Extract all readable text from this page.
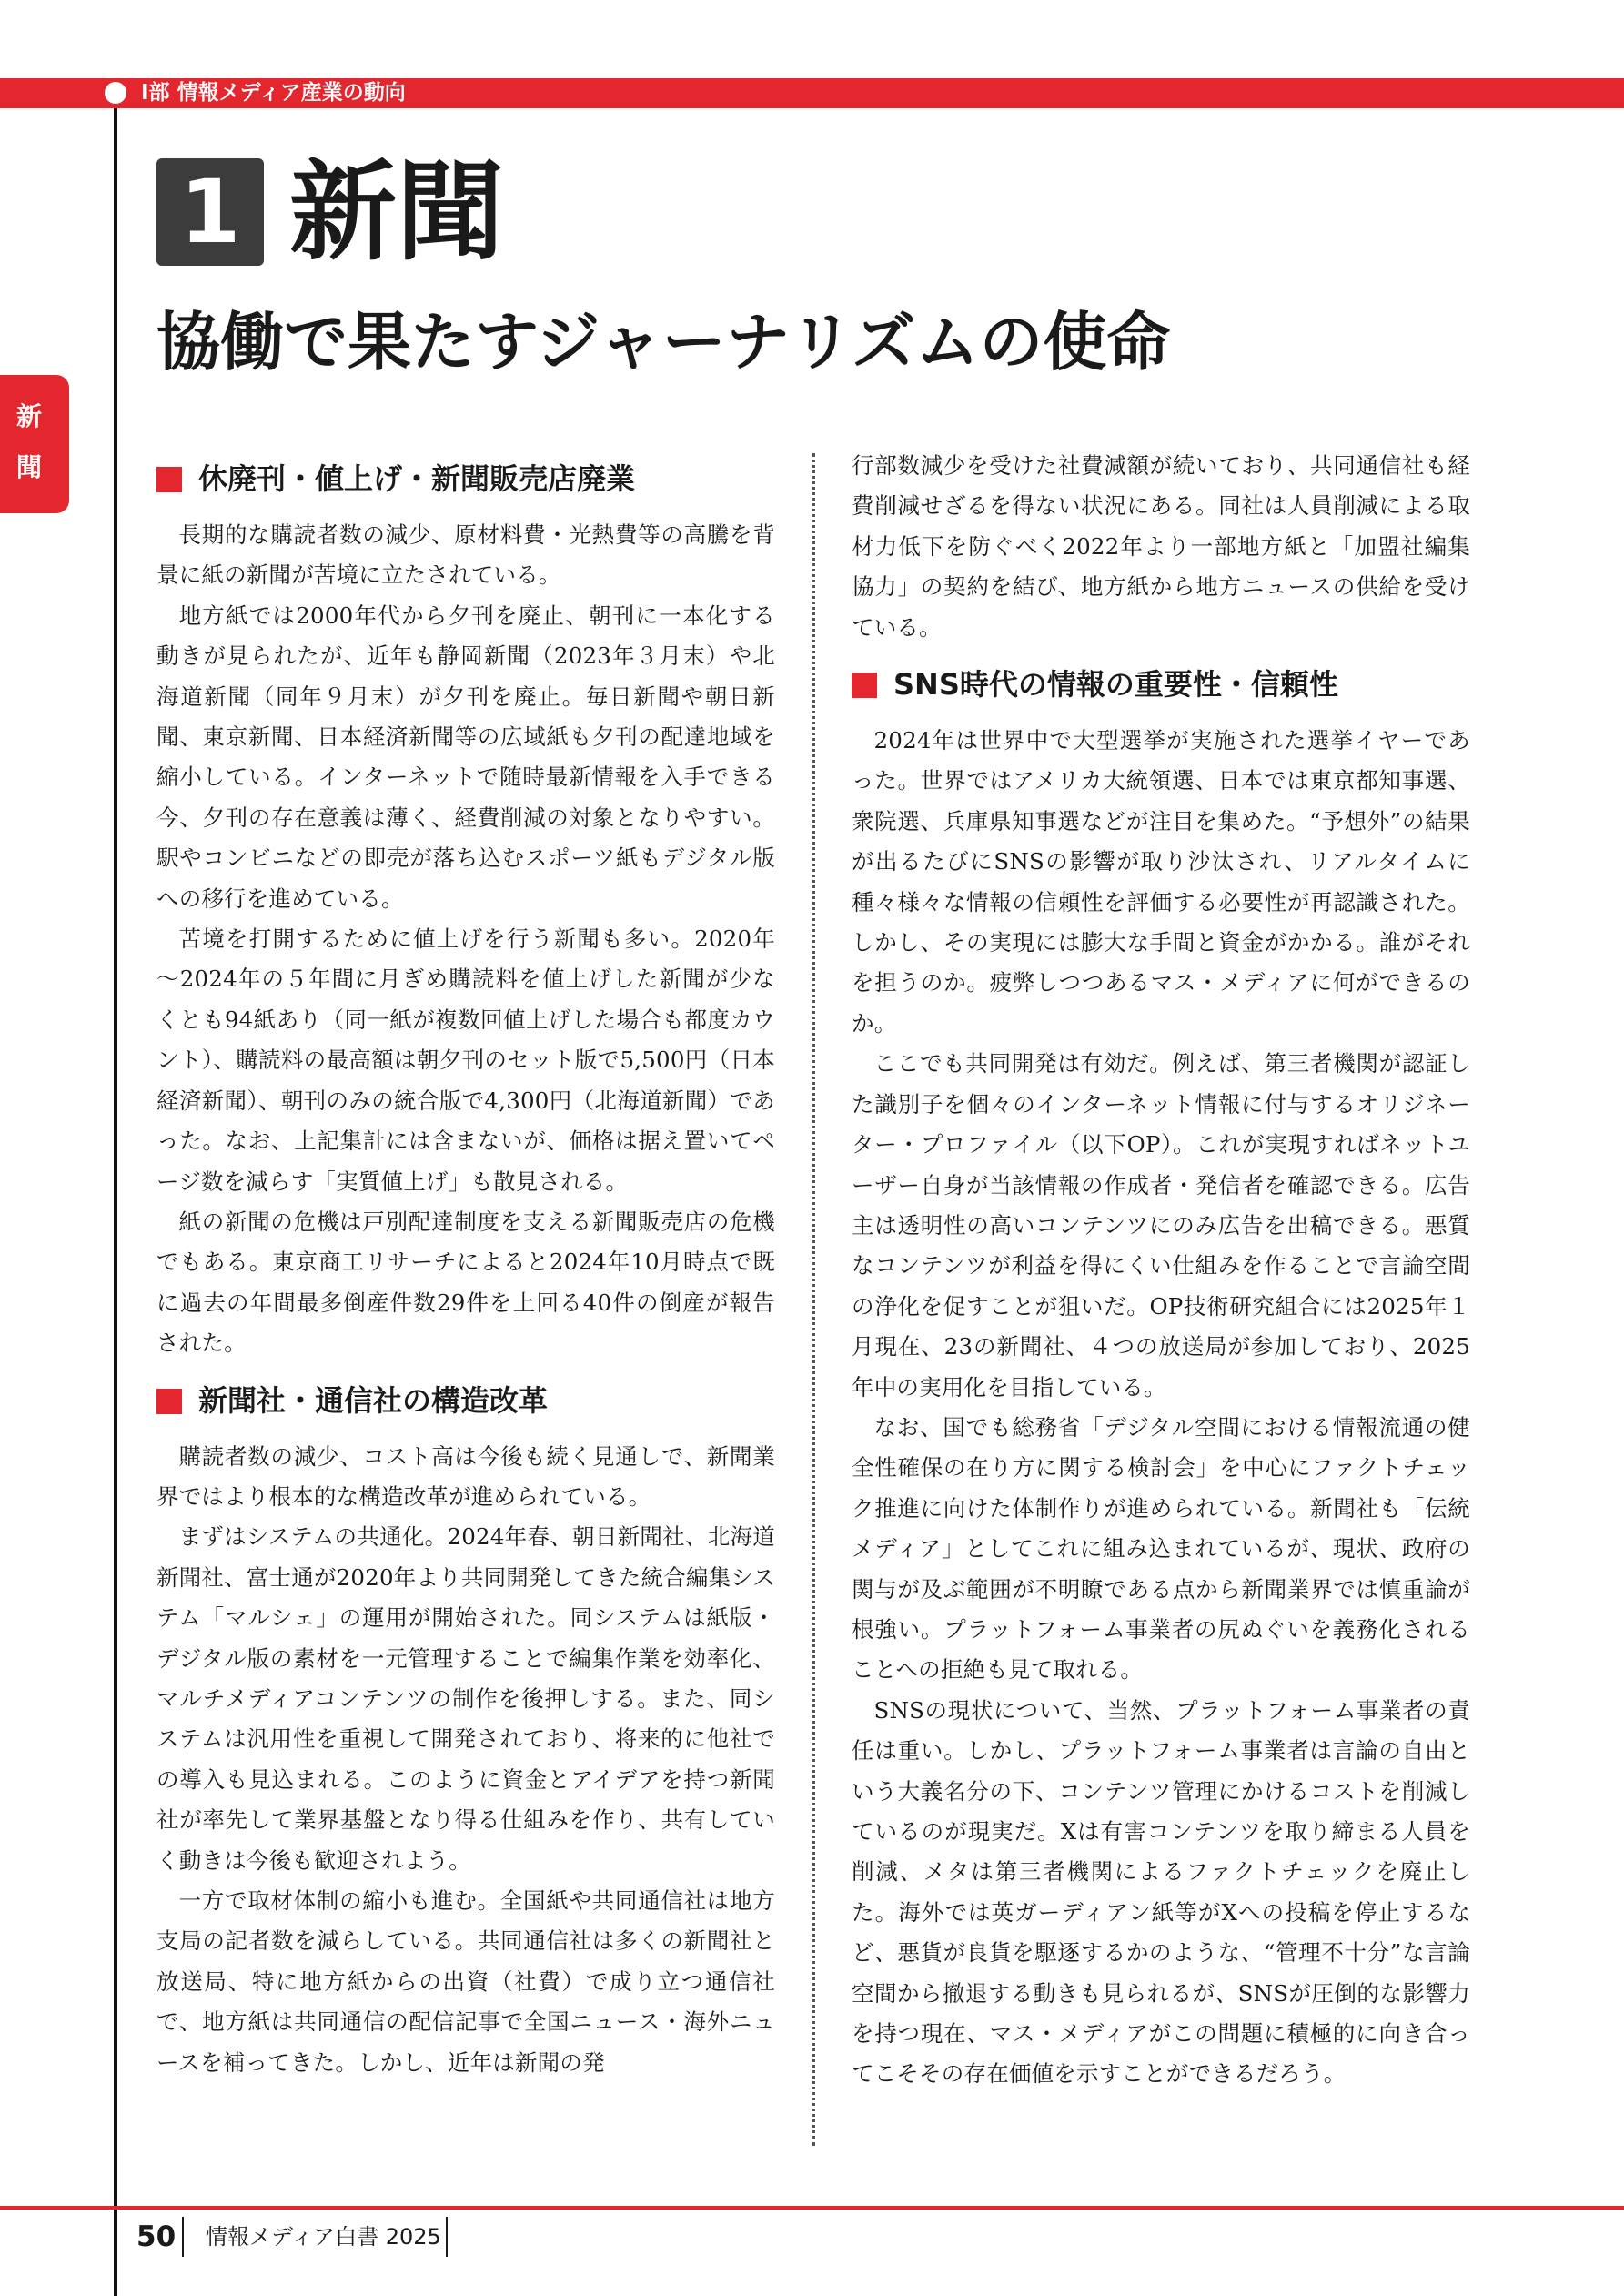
Ⅰ部 情報メディア産業の動向
新
聞
1 新聞
協働で果たすジャーナリズムの使命
休廃刊・値上げ・新聞販売店廃業

長期的な購読者数の減少、原材料費・光熱費等の高騰を背景に紙の新聞が苦境に立たされている。

地方紙では2000年代から夕刊を廃止、朝刊に一本化する動きが見られたが、近年も静岡新聞（2023年３月末）や北海道新聞（同年９月末）が夕刊を廃止。毎日新聞や朝日新聞、東京新聞、日本経済新聞等の広域紙も夕刊の配達地域を縮小している。インターネットで随時最新情報を入手できる今、夕刊の存在意義は薄く、経費削減の対象となりやすい。駅やコンビニなどの即売が落ち込むスポーツ紙もデジタル版への移行を進めている。

苦境を打開するために値上げを行う新聞も多い。2020年～2024年の５年間に月ぎめ購読料を値上げした新聞が少なくとも94紙あり（同一紙が複数回値上げした場合も都度カウント）、購読料の最高額は朝夕刊のセット版で5,500円（日本経済新聞）、朝刊のみの統合版で4,300円（北海道新聞）であった。なお、上記集計には含まないが、価格は据え置いてページ数を減らす「実質値上げ」も散見される。

紙の新聞の危機は戸別配達制度を支える新聞販売店の危機でもある。東京商工リサーチによると2024年10月時点で既に過去の年間最多倒産件数29件を上回る40件の倒産が報告された。

新聞社・通信社の構造改革

購読者数の減少、コスト高は今後も続く見通しで、新聞業界ではより根本的な構造改革が進められている。

まずはシステムの共通化。2024年春、朝日新聞社、北海道新聞社、富士通が2020年より共同開発してきた統合編集システム「マルシェ」の運用が開始された。同システムは紙版・デジタル版の素材を一元管理することで編集作業を効率化、マルチメディアコンテンツの制作を後押しする。また、同システムは汎用性を重視して開発されており、将来的に他社での導入も見込まれる。このように資金とアイデアを持つ新聞社が率先して業界基盤となり得る仕組みを作り、共有していく動きは今後も歓迎されよう。

一方で取材体制の縮小も進む。全国紙や共同通信社は地方支局の記者数を減らしている。共同通信社は多くの新聞社と放送局、特に地方紙からの出資（社費）で成り立つ通信社で、地方紙は共同通信の配信記事で全国ニュース・海外ニュースを補ってきた。しかし、近年は新聞の発

行部数減少を受けた社費減額が続いており、共同通信社も経費削減せざるを得ない状況にある。同社は人員削減による取材力低下を防ぐべく2022年より一部地方紙と「加盟社編集協力」の契約を結び、地方紙から地方ニュースの供給を受けている。

SNS時代の情報の重要性・信頼性

2024年は世界中で大型選挙が実施された選挙イヤーであった。世界ではアメリカ大統領選、日本では東京都知事選、衆院選、兵庫県知事選などが注目を集めた。“予想外”の結果が出るたびにSNSの影響が取り沙汰され、リアルタイムに種々様々な情報の信頼性を評価する必要性が再認識された。しかし、その実現には膨大な手間と資金がかかる。誰がそれを担うのか。疲弊しつつあるマス・メディアに何ができるのか。

ここでも共同開発は有効だ。例えば、第三者機関が認証した識別子を個々のインターネット情報に付与するオリジネーター・プロファイル（以下OP）。これが実現すればネットユーザー自身が当該情報の作成者・発信者を確認できる。広告主は透明性の高いコンテンツにのみ広告を出稿できる。悪質なコンテンツが利益を得にくい仕組みを作ることで言論空間の浄化を促すことが狙いだ。OP技術研究組合には2025年１月現在、23の新聞社、４つの放送局が参加しており、2025年中の実用化を目指している。

なお、国でも総務省「デジタル空間における情報流通の健全性確保の在り方に関する検討会」を中心にファクトチェック推進に向けた体制作りが進められている。新聞社も「伝統メディア」としてこれに組み込まれているが、現状、政府の関与が及ぶ範囲が不明瞭である点から新聞業界では慎重論が根強い。プラットフォーム事業者の尻ぬぐいを義務化されることへの拒絶も見て取れる。

SNSの現状について、当然、プラットフォーム事業者の責任は重い。しかし、プラットフォーム事業者は言論の自由という大義名分の下、コンテンツ管理にかけるコストを削減しているのが現実だ。Xは有害コンテンツを取り締まる人員を削減、メタは第三者機関によるファクトチェックを廃止した。海外では英ガーディアン紙等がXへの投稿を停止するなど、悪貨が良貨を駆逐するかのような、“管理不十分”な言論空間から撤退する動きも見られるが、SNSが圧倒的な影響力を持つ現在、マス・メディアがこの問題に積極的に向き合ってこそその存在価値を示すことができるだろう。

50 情報メディア白書 2025
